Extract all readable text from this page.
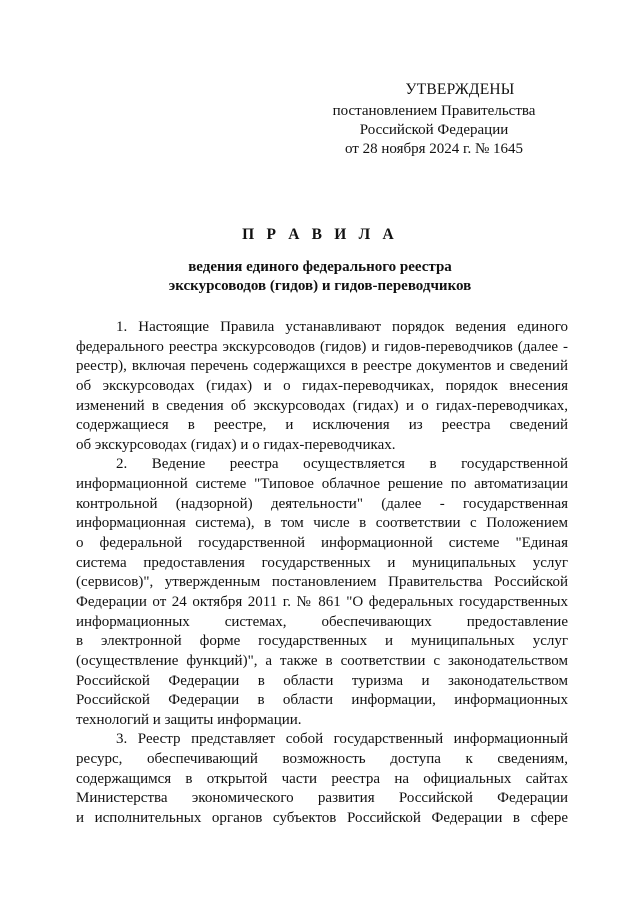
УТВЕРЖДЕНЫ
постановлением Правительства
Российской Федерации
от 28 ноября 2024 г. № 1645
П Р А В И Л А
ведения единого федерального реестра
экскурсоводов (гидов) и гидов-переводчиков
1. Настоящие Правила устанавливают порядок ведения единого
федерального реестра экскурсоводов (гидов) и гидов-переводчиков (далее -
реестр), включая перечень содержащихся в реестре документов и сведений
об экскурсоводах (гидах) и о гидах-переводчиках, порядок внесения
изменений в сведения об экскурсоводах (гидах) и о гидах-переводчиках,
содержащиеся в реестре, и исключения из реестра сведений
об экскурсоводах (гидах) и о гидах-переводчиках.
2. Ведение реестра осуществляется в государственной
информационной системе "Типовое облачное решение по автоматизации
контрольной (надзорной) деятельности" (далее - государственная
информационная система), в том числе в соответствии с Положением
о федеральной государственной информационной системе "Единая
система предоставления государственных и муниципальных услуг
(сервисов)", утвержденным постановлением Правительства Российской
Федерации от 24 октября 2011 г. № 861 "О федеральных государственных
информационных системах, обеспечивающих предоставление
в электронной форме государственных и муниципальных услуг
(осуществление функций)", а также в соответствии с законодательством
Российской Федерации в области туризма и законодательством
Российской Федерации в области информации, информационных
технологий и защиты информации.
3. Реестр представляет собой государственный информационный
ресурс, обеспечивающий возможность доступа к сведениям,
содержащимся в открытой части реестра на официальных сайтах
Министерства экономического развития Российской Федерации
и исполнительных органов субъектов Российской Федерации в сфере
